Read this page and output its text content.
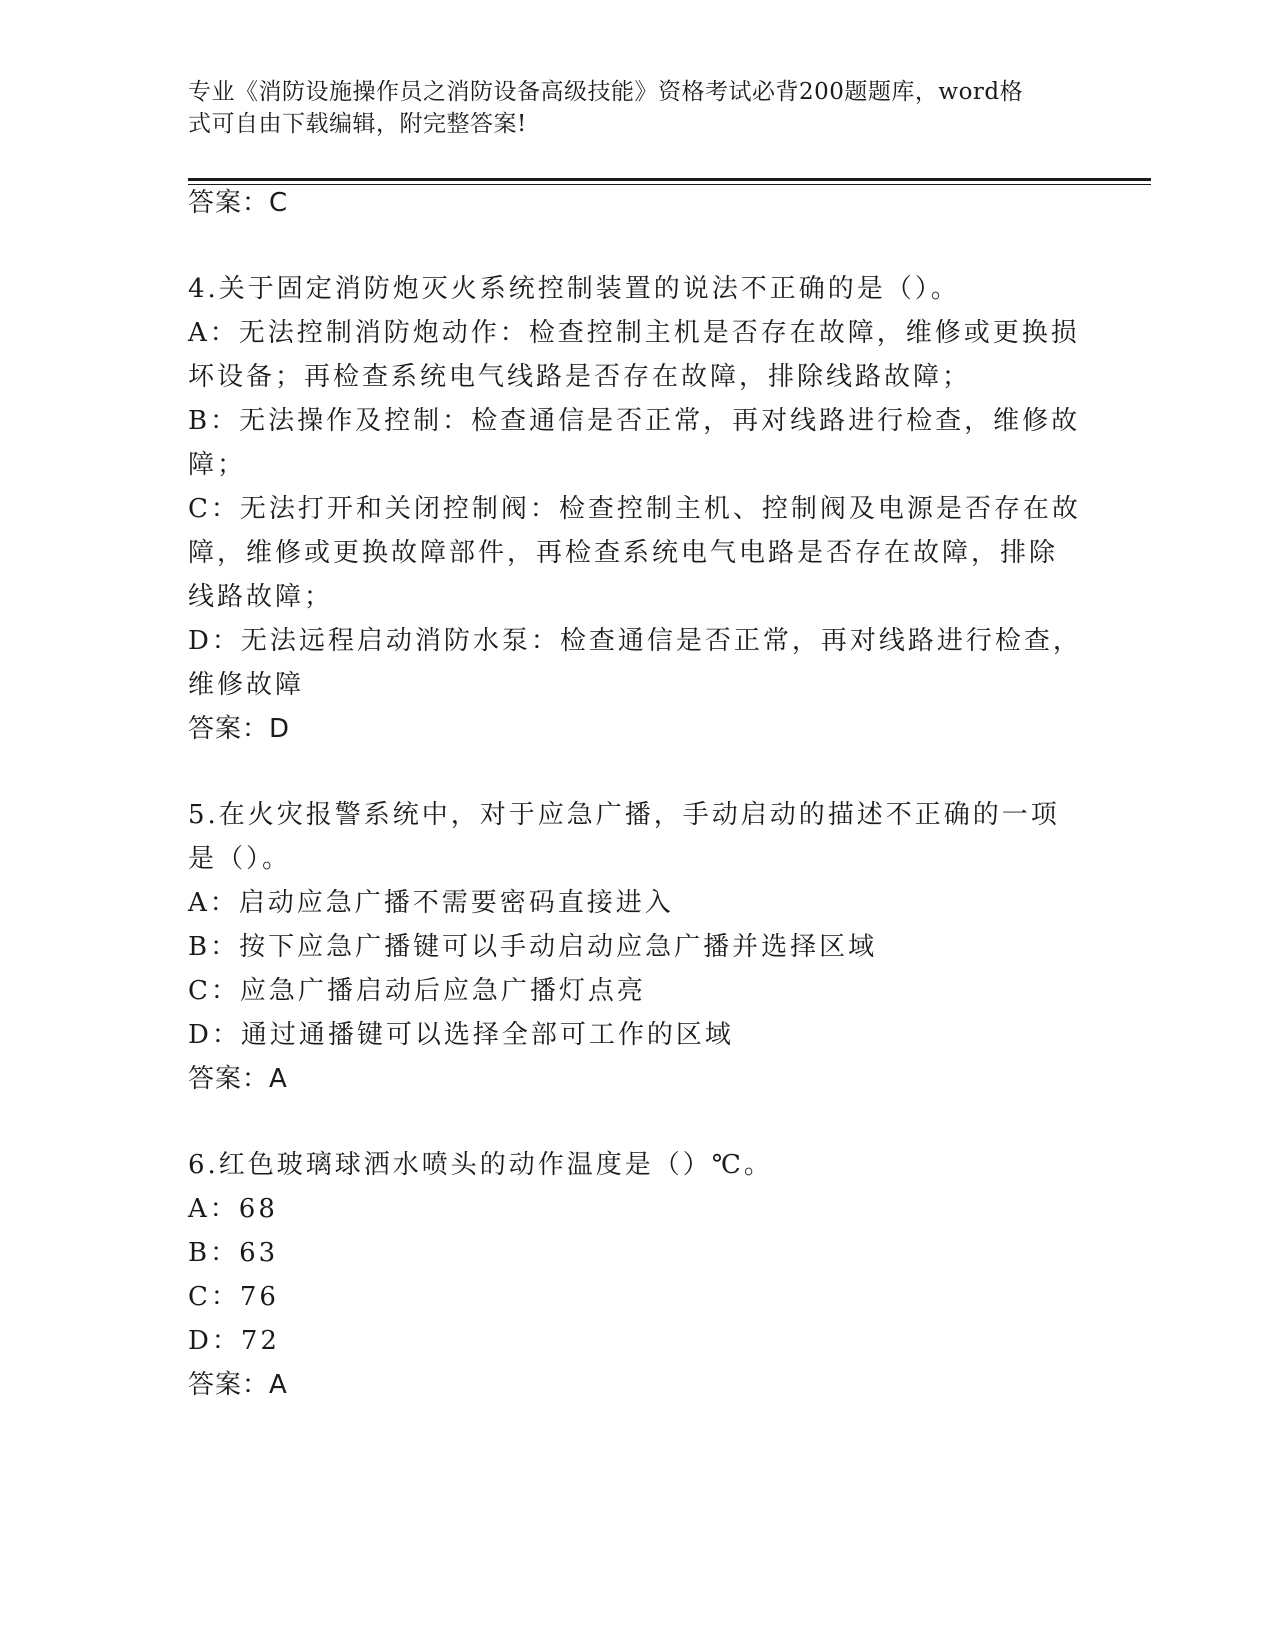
专业《消防设施操作员之消防设备高级技能》资格考试必背200题题库，word格
式可自由下载编辑，附完整答案!
答案：C
4.关于固定消防炮灭火系统控制装置的说法不正确的是（）。
A：无法控制消防炮动作：检查控制主机是否存在故障，维修或更换损
坏设备；再检查系统电气线路是否存在故障，排除线路故障；
B：无法操作及控制：检查通信是否正常，再对线路进行检查，维修故
障；
C：无法打开和关闭控制阀：检查控制主机、控制阀及电源是否存在故
障，维修或更换故障部件，再检查系统电气电路是否存在故障，排除
线路故障；
D：无法远程启动消防水泵：检查通信是否正常，再对线路进行检查，
维修故障
答案：D
5.在火灾报警系统中，对于应急广播，手动启动的描述不正确的一项
是（）。
A：启动应急广播不需要密码直接进入
B：按下应急广播键可以手动启动应急广播并选择区域
C：应急广播启动后应急广播灯点亮
D：通过通播键可以选择全部可工作的区域
答案：A
6.红色玻璃球洒水喷头的动作温度是（）℃。
A：68
B：63
C：76
D：72
答案：A
